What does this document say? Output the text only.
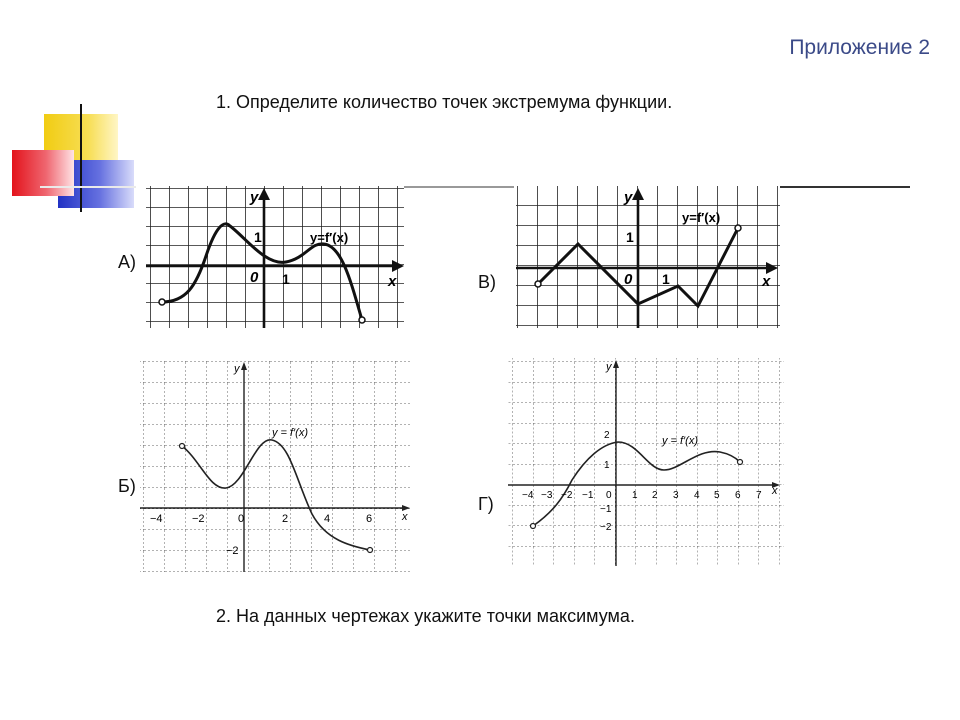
Приложение 2
1. Определите количество точек экстремума функции.
2. На данных чертежах укажите точки максимума.
А)
В)
Б)
Г)
y
x
0 1
1	y=f′(x)
y
x
0 1
1
y=f′(x)
y
x
y = f′(x)
−4	−2	0	2	4	6
−2
y
x
y = f′(x)
−4 −3 −2 −1 0 1 2 3 4 5 6 7
2
1
−1
−2
